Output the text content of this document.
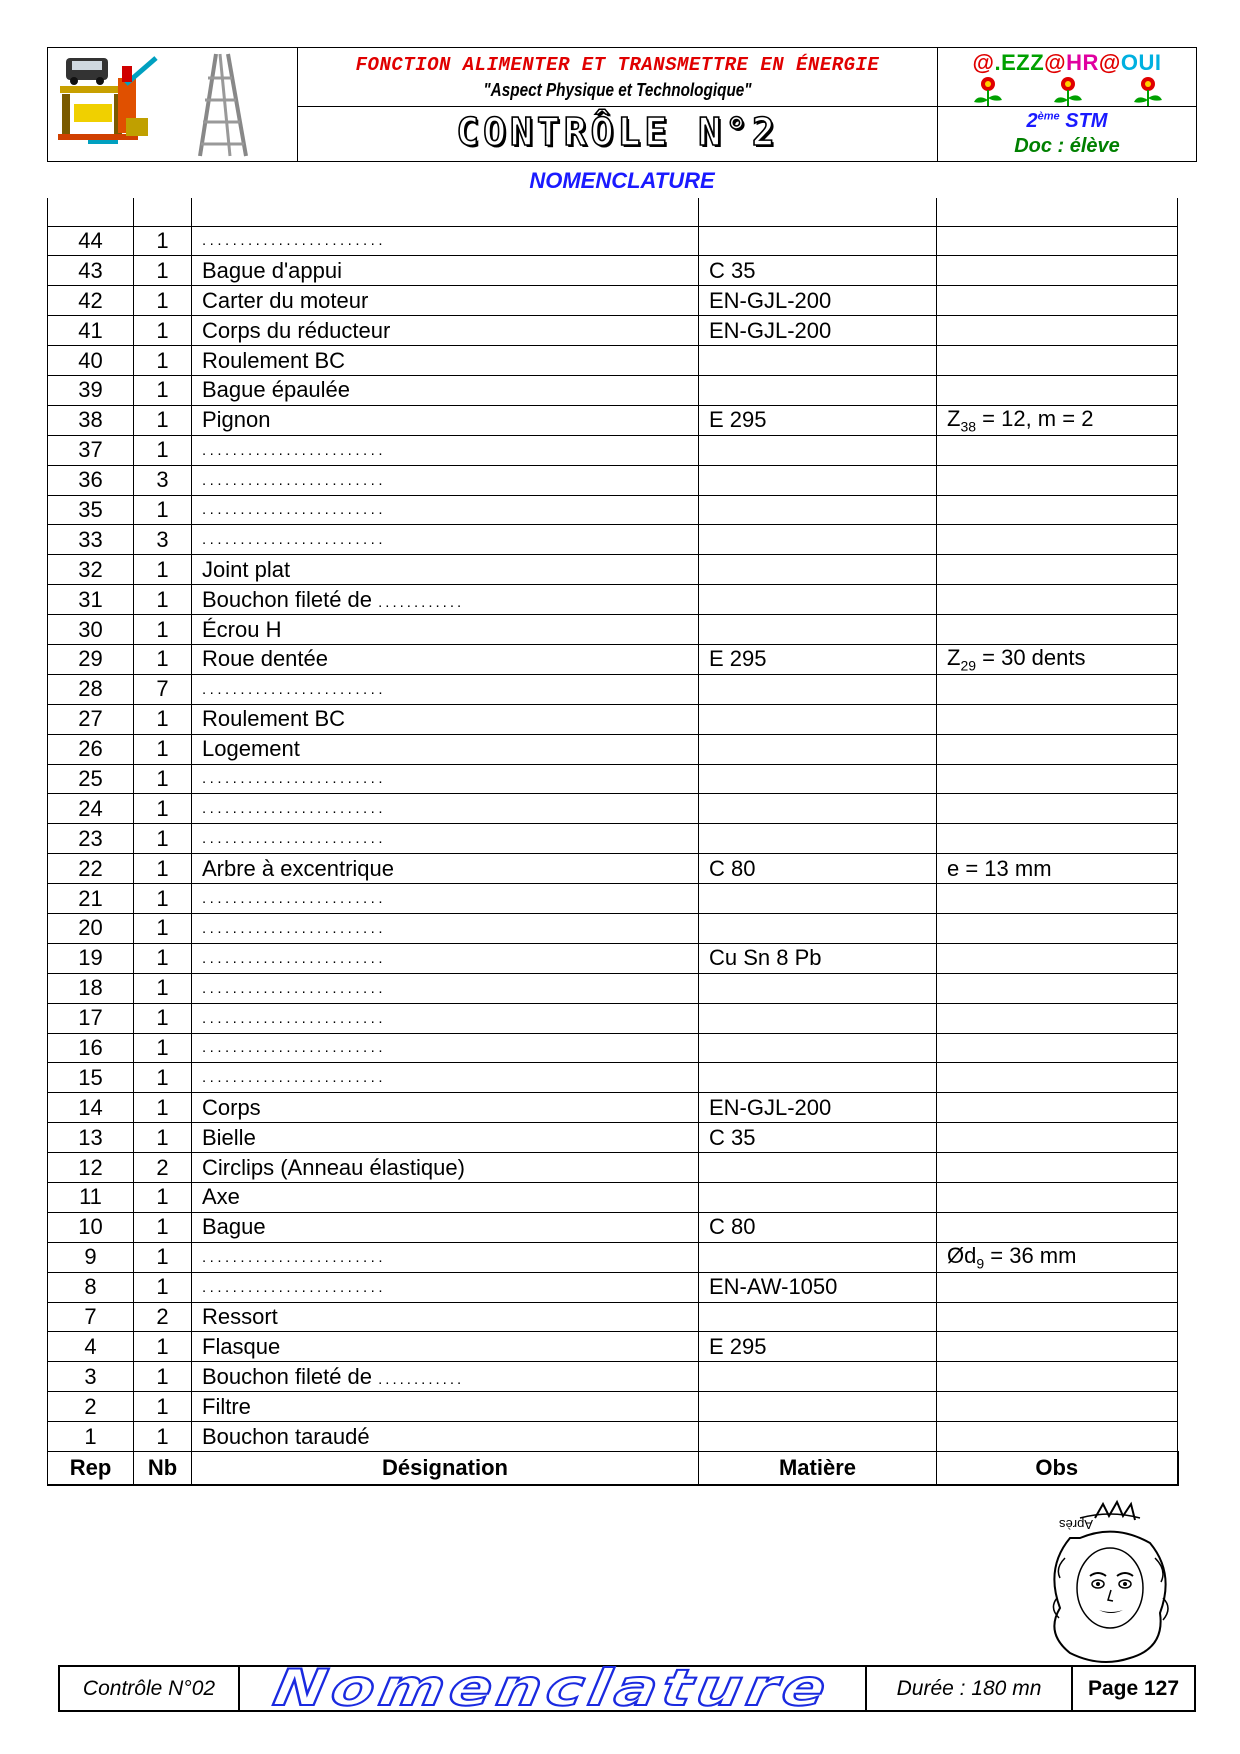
FONCTION ALIMENTER ET TRANSMETTRE EN ÉNERGIE
"Aspect Physique et Technologique"
CONTRÔLE N°2
@.EZZ@HR@OUI
2ème STM
Doc : élève
NOMENCLATURE

44	1	........................		
43	1	Bague d'appui	C 35	
42	1	Carter du moteur	EN-GJL-200	
41	1	Corps du réducteur	EN-GJL-200	
40	1	Roulement BC		
39	1	Bague épaulée		
38	1	Pignon	E 295	$Z_{38} = 12$, m = 2
37	1	........................		
36	3	........................		
35	1	........................		
33	3	........................		
32	1	Joint plat		
31	1	Bouchon fileté de ............		
30	1	Écrou H		
29	1	Roue dentée	E 295	$Z_{29} = 30$ dents
28	7	........................		
27	1	Roulement BC		
26	1	Logement		
25	1	........................		
24	1	........................		
23	1	........................		
22	1	Arbre à excentrique	C 80	e = 13 mm
21	1	........................		
20	1	........................		
19	1	........................	Cu Sn 8 Pb	
18	1	........................		
17	1	........................		
16	1	........................		
15	1	........................		
14	1	Corps	EN-GJL-200	
13	1	Bielle	C 35	
12	2	Circlips (Anneau élastique)		
11	1	Axe		
10	1	Bague	C 80	
9	1	........................		$Ød_9 = 36$ mm
8	1	........................	EN-AW-1050	
7	2	Ressort		
4	1	Flasque	E 295	
3	1	Bouchon fileté de ............		
2	1	Filtre		
1	1	Bouchon taraudé		
Rep	Nb	Désignation	Matière	Obs
Après
Contrôle N°02	Nomenclature	Durée : 180 mn	Page 127
